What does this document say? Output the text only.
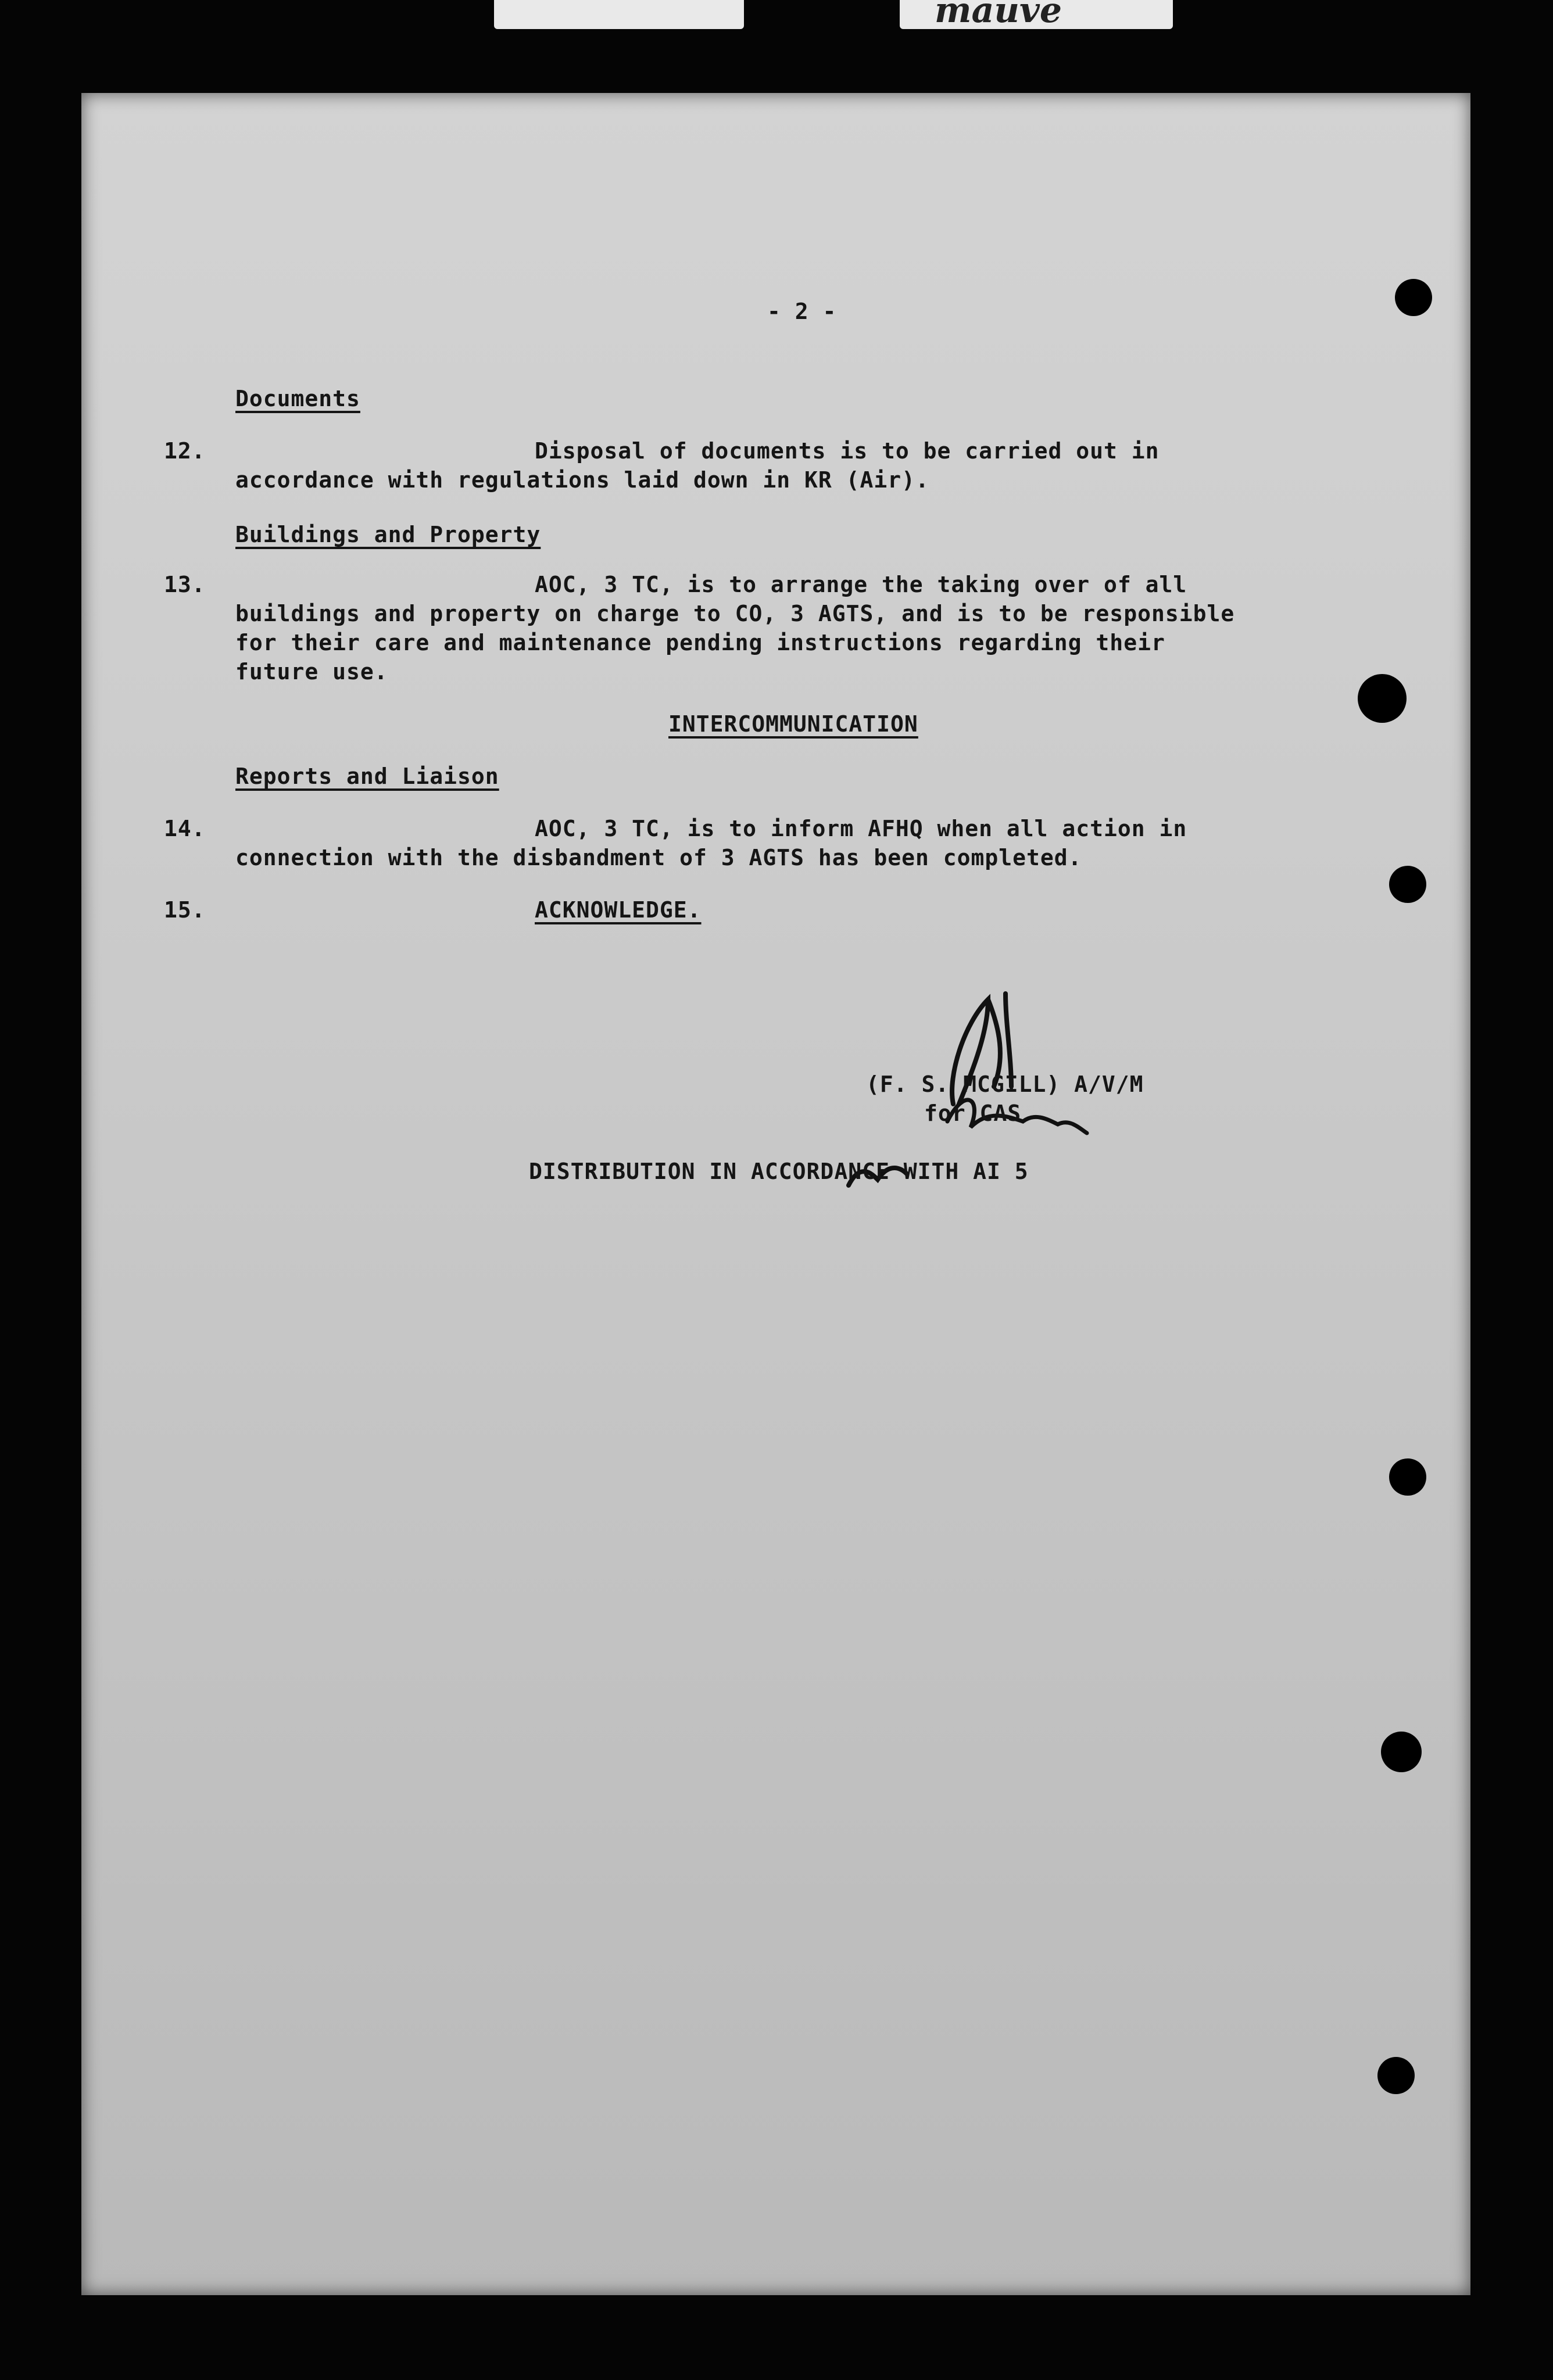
mauve
- 2 -
Documents
12.	Disposal of documents is to be carried out in
accordance with regulations laid down in KR (Air).
Buildings and Property
13.	AOC, 3 TC, is to arrange the taking over of all
buildings and property on charge to CO, 3 AGTS, and is to be responsible
for their care and maintenance pending instructions regarding their
future use.
INTERCOMMUNICATION
Reports and Liaison
14.	AOC, 3 TC, is to inform AFHQ when all action in
connection with the disbandment of 3 AGTS has been completed.
15.	ACKNOWLEDGE.
(F. S. MCGILL) A/V/M
for CAS
DISTRIBUTION IN ACCORDANCE WITH AI 5
